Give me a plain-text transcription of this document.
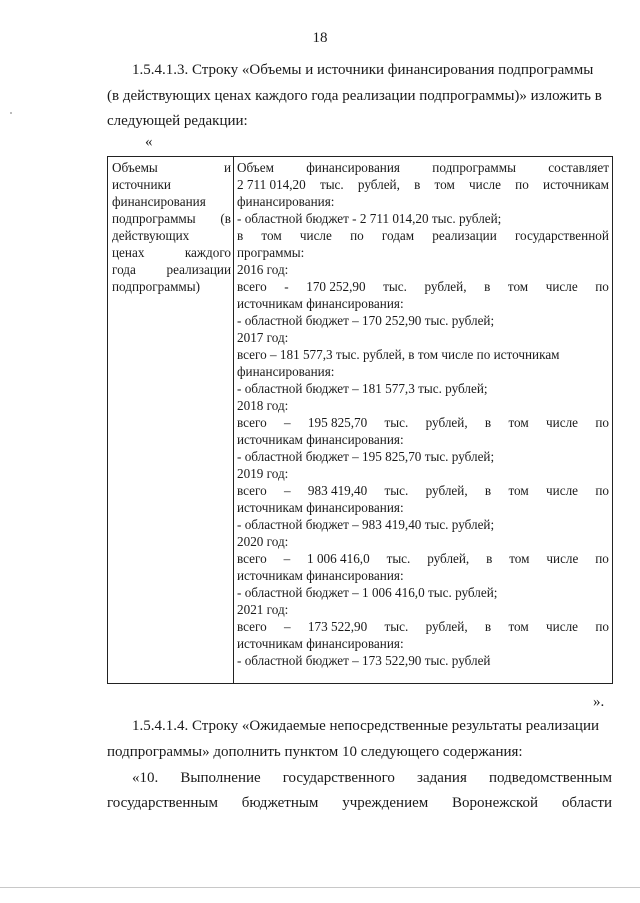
18
1.5.4.1.3. Строку «Объемы и источники финансирования подпрограммы
(в действующих ценах каждого года реализации подпрограммы)» изложить в
следующей редакции:
«
Объемы	и
источники
финансирования
подпрограммы (в
действующих
ценах	каждого
года реализации
подпрограммы)
Объем финансирования подпрограммы составляет
2 711 014,20 тыс. рублей, в том числе по источникам
финансирования:
- областной бюджет - 2 711 014,20 тыс. рублей;
в том числе по годам реализации государственной
программы:
2016 год:
всего - 170 252,90 тыс. рублей, в том числе по
источникам финансирования:
- областной бюджет – 170 252,90 тыс. рублей;
2017 год:
всего – 181 577,3 тыс. рублей, в том числе по источникам
финансирования:
- областной бюджет – 181 577,3 тыс. рублей;
2018 год:
всего – 195 825,70 тыс. рублей, в том числе по
источникам финансирования:
- областной бюджет – 195 825,70 тыс. рублей;
2019 год:
всего – 983 419,40 тыс. рублей, в том числе по
источникам финансирования:
- областной бюджет – 983 419,40 тыс. рублей;
2020 год:
всего – 1 006 416,0 тыс. рублей, в том числе по
источникам финансирования:
- областной бюджет – 1 006 416,0 тыс. рублей;
2021 год:
всего – 173 522,90 тыс. рублей, в том числе по
источникам финансирования:
- областной бюджет – 173 522,90 тыс. рублей
».
1.5.4.1.4. Строку «Ожидаемые непосредственные результаты реализации
подпрограммы» дополнить пунктом 10 следующего содержания:
«10. Выполнение государственного задания подведомственным
государственным бюджетным учреждением Воронежской области
